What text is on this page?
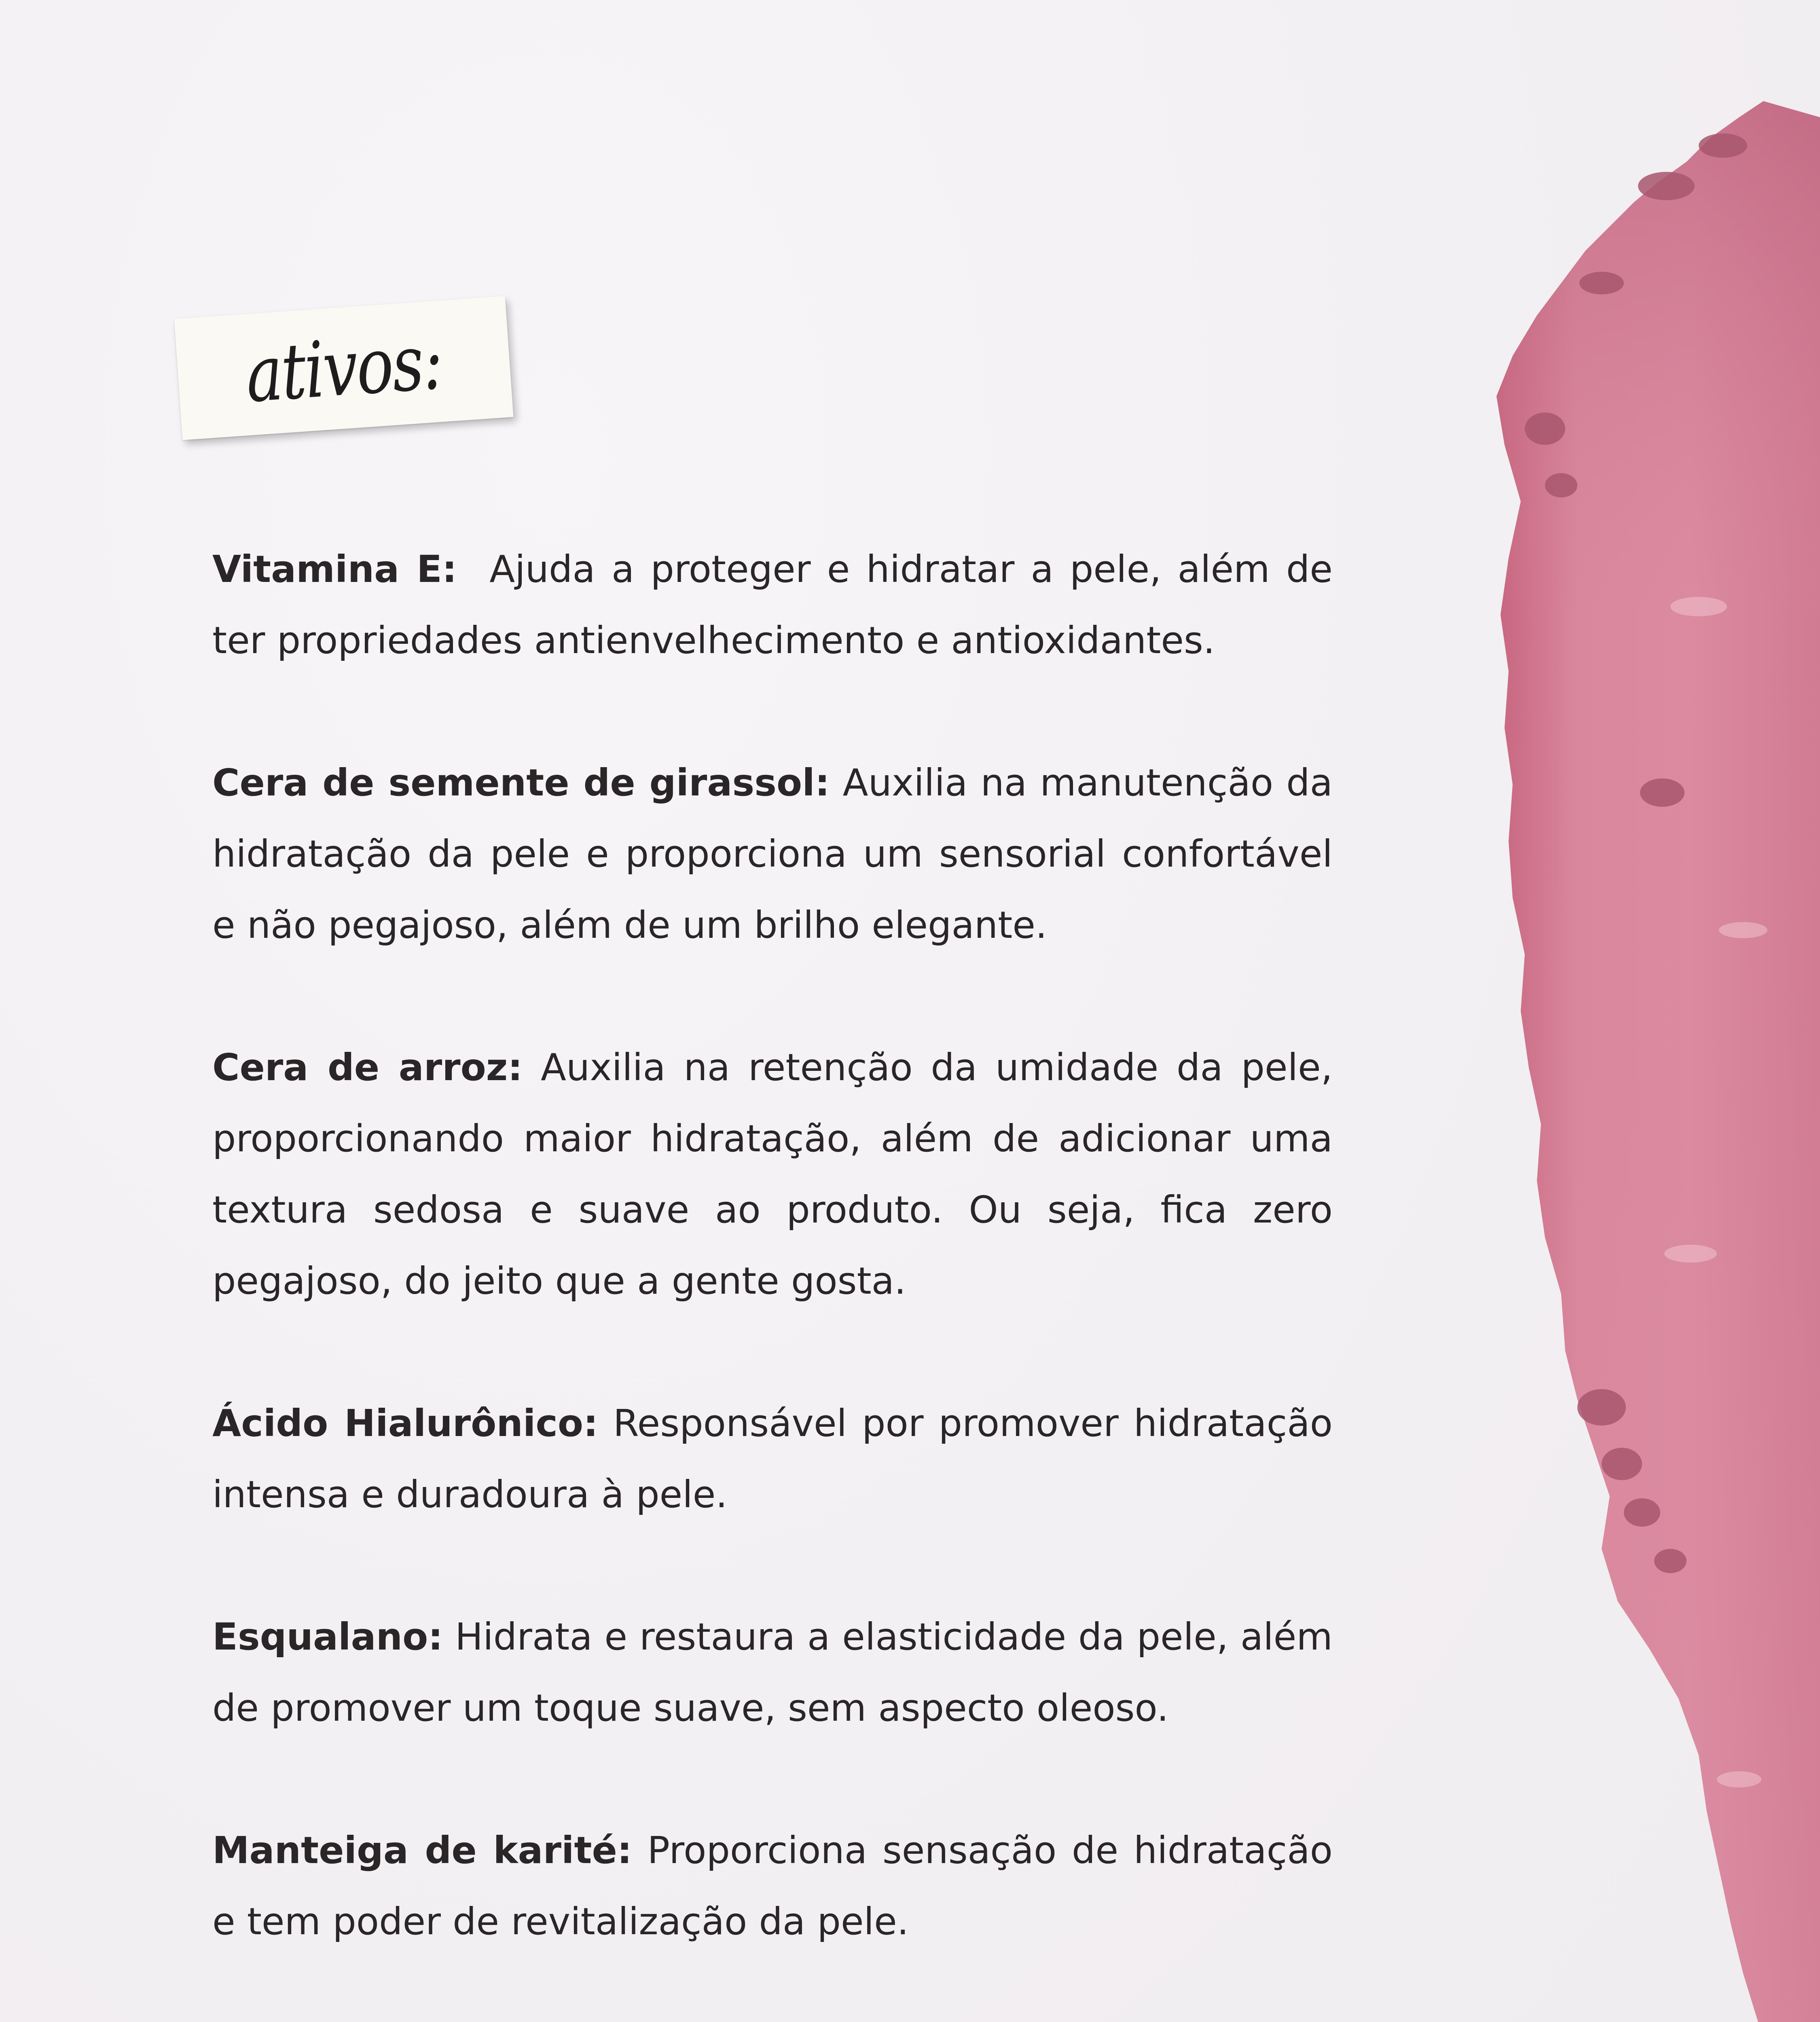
ativos:

Vitamina E: Ajuda a proteger e hidratar a pele, além de ter propriedades antienvelhecimento e antioxidantes.

Cera de semente de girassol: Auxilia na manutenção da hidratação da pele e proporciona um sensorial confortável e não pegajoso, além de um brilho elegante.

Cera de arroz: Auxilia na retenção da umidade da pele, proporcionando maior hidratação, além de adicionar uma textura sedosa e suave ao produto. Ou seja, fica zero pegajoso, do jeito que a gente gosta.

Ácido Hialurônico: Responsável por promover hidratação intensa e duradoura à pele.

Esqualano: Hidrata e restaura a elasticidade da pele, além de promover um toque suave, sem aspecto oleoso.

Manteiga de karité: Proporciona sensação de hidratação e tem poder de revitalização da pele.
